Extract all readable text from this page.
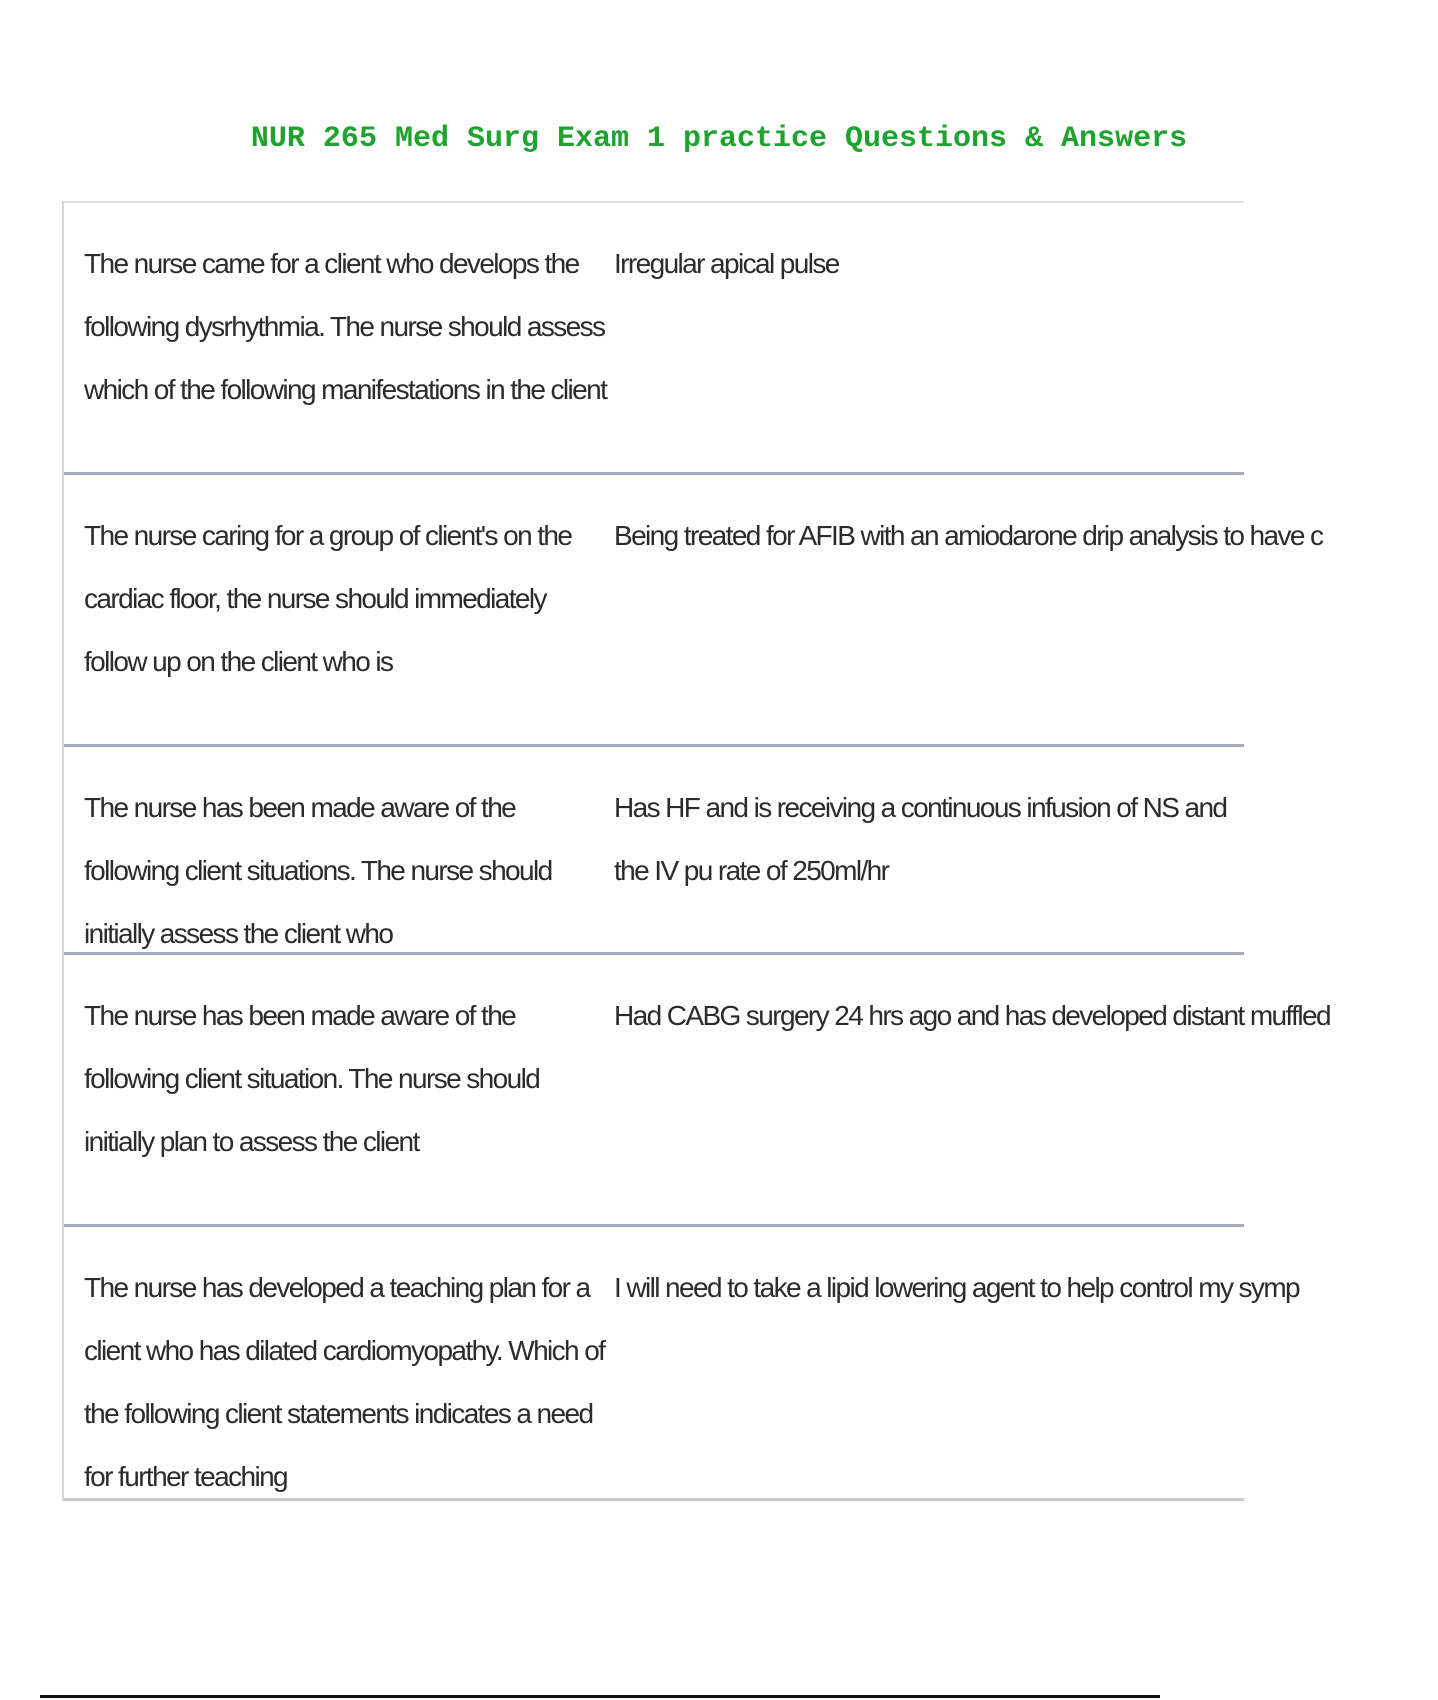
NUR 265 Med Surg Exam 1 practice Questions & Answers
The nurse came for a client who develops the following dysrhythmia. The nurse should assess which of the following manifestations in the client
Irregular apical pulse
The nurse caring for a group of client's on the cardiac floor, the nurse should immediately follow up on the client who is
Being treated for AFIB with an amiodarone drip analysis to have c
The nurse has been made aware of the following client situations. The nurse should initially assess the client who
Has HF and is receiving a continuous infusion of NS and the IV pu rate of 250ml/hr
The nurse has been made aware of the following client situation. The nurse should initially plan to assess the client
Had CABG surgery 24 hrs ago and has developed distant muffled
The nurse has developed a teaching plan for a client who has dilated cardiomyopathy. Which of the following client statements indicates a need for further teaching
I will need to take a lipid lowering agent to help control my symp
